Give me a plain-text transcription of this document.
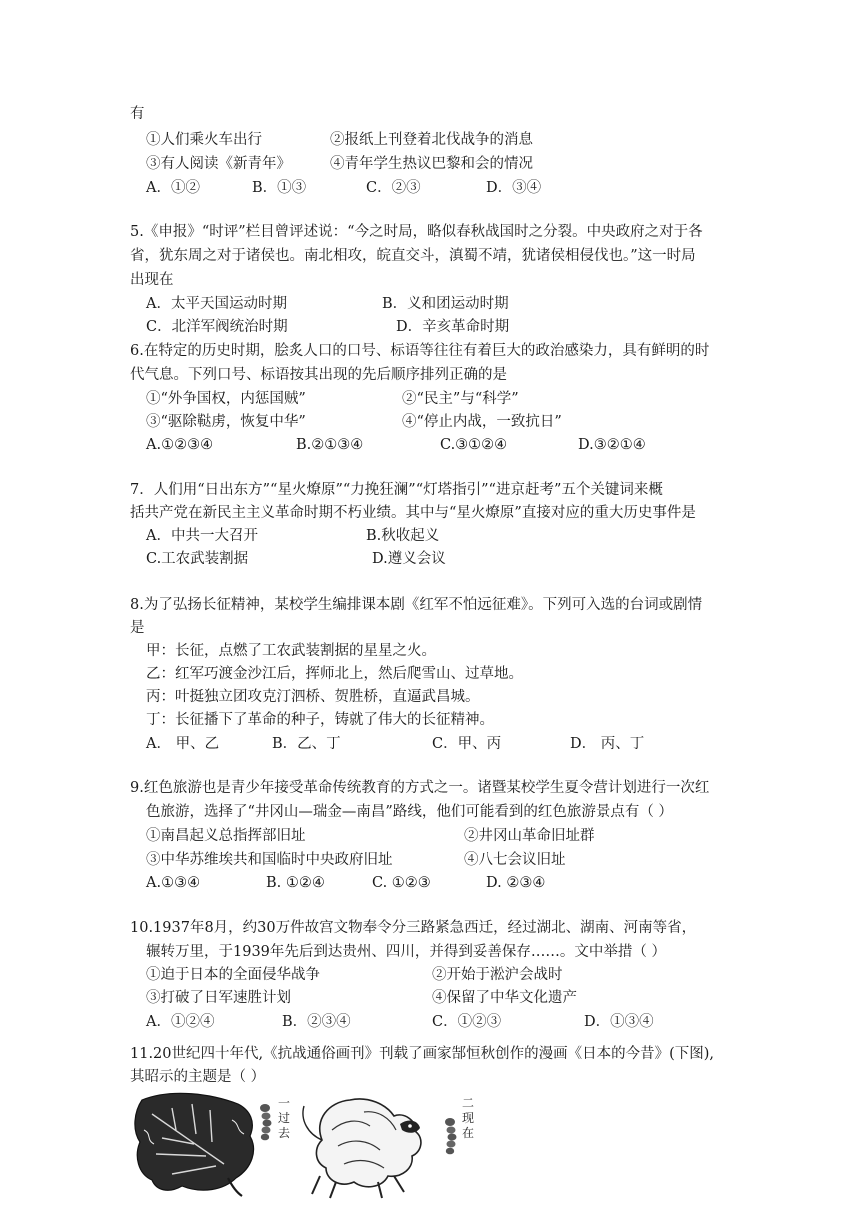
有
①人们乘火车出行	②报纸上刊登着北伐战争的消息
③有人阅读《新青年》	④青年学生热议巴黎和会的情况
A．①②	B．①③	C．②③	D．③④
5.《申报》“时评”栏目曾评述说：“今之时局，略似春秋战国时之分裂。中央政府之对于各
省，犹东周之对于诸侯也。南北相攻，皖直交斗，滇蜀不靖，犹诸侯相侵伐也。”这一时局
出现在
A．太平天国运动时期	B．义和团运动时期
C．北洋军阀统治时期	D．辛亥革命时期
6.在特定的历史时期，脍炙人口的口号、标语等往往有着巨大的政治感染力，具有鲜明的时
代气息。下列口号、标语按其出现的先后顺序排列正确的是
①“外争国权，内惩国贼”	②“民主”与“科学”
③“驱除鞑虏，恢复中华”	④“停止内战，一致抗日”
A.①②③④	B.②①③④	C.③①②④	D.③②①④
7．人们用“日出东方”“星火燎原”“力挽狂澜”“灯塔指引”“进京赶考”五个关键词来概
括共产党在新民主主义革命时期不朽业绩。其中与“星火燎原”直接对应的重大历史事件是
A．中共一大召开	B.秋收起义
C.工农武装割据	D.遵义会议
8.为了弘扬长征精神，某校学生编排课本剧《红军不怕远征难》。下列可入选的台词或剧情
是
甲：长征，点燃了工农武装割据的星星之火。
乙：红军巧渡金沙江后，挥师北上，然后爬雪山、过草地。
丙：叶挺独立团攻克汀泗桥、贺胜桥，直逼武昌城。
丁：长征播下了革命的种子，铸就了伟大的长征精神。
A． 甲、乙	B．乙、丁	C．甲、丙	D． 丙、丁
9.红色旅游也是青少年接受革命传统教育的方式之一。诸暨某校学生夏令营计划进行一次红
色旅游，选择了“井冈山—瑞金—南昌”路线，他们可能看到的红色旅游景点有（ ）
①南昌起义总指挥部旧址	②井冈山革命旧址群
③中华苏维埃共和国临时中央政府旧址	④八七会议旧址
A.①③④	B. ①②④	C. ①②③	D. ②③④
10.1937年8月，约30万件故宫文物奉令分三路紧急西迁，经过湖北、湖南、河南等省，
辗转万里，于1939年先后到达贵州、四川，并得到妥善保存……。文中举措（ ）
①迫于日本的全面侵华战争	②开始于淞沪会战时
③打破了日军速胜计划	④保留了中华文化遗产
A．①②④	B．②③④	C．①②③	D．①③④
11.20世纪四十年代,《抗战通俗画刊》刊载了画家郜恒秋创作的漫画《日本的今昔》(下图),
其昭示的主题是（ ）
一过去
二现在
